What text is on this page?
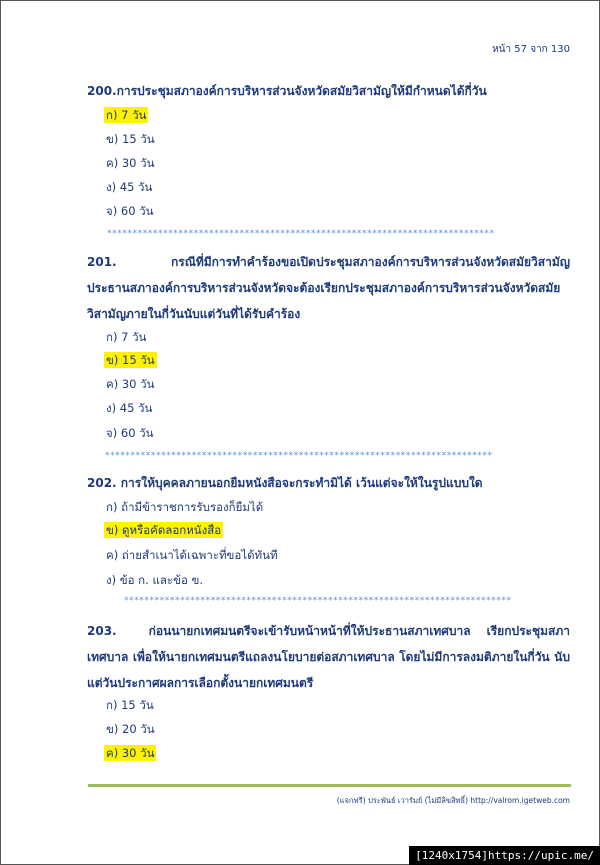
หน้า 57 จาก 130
200.การประชุมสภาองค์การบริหารส่วนจังหวัดสมัยวิสามัญให้มีกำหนดได้กี่วัน
ก) 7 วัน
ข) 15 วัน
ค) 30 วัน
ง) 45 วัน
จ) 60 วัน
****************************************************************************
201.   กรณีที่มีการทำคำร้องขอเปิดประชุมสภาองค์การบริหารส่วนจังหวัดสมัยวิสามัญ ประธานสภาองค์การบริหารส่วนจังหวัดจะต้องเรียกประชุมสภาองค์การบริหารส่วนจังหวัดสมัยวิสามัญภายในกี่วันนับแต่วันที่ได้รับคำร้อง
ก) 7 วัน
ข) 15 วัน
ค) 30 วัน
ง) 45 วัน
จ) 60 วัน
****************************************************************************
202. การให้บุคคลภายนอกยืมหนังสือจะกระทำมิได้ เว้นแต่จะให้ในรูปแบบใด
ก) ถ้ามีข้าราชการรับรองก็ยืมได้
ข) ดูหรือคัดลอกหนังสือ
ค) ถ่ายสำเนาได้เฉพาะที่ขอได้ทันที
ง) ข้อ ก. และข้อ ข.
****************************************************************************
203.  ก่อนนายกเทศมนตรีจะเข้ารับหน้าหน้าที่ให้ประธานสภาเทศบาล เรียกประชุมสภาเทศบาล เพื่อให้นายกเทศมนตรีแถลงนโยบายต่อสภาเทศบาล โดยไม่มีการลงมติภายในกี่วัน นับแต่วันประกาศผลการเลือกตั้งนายกเทศมนตรี
ก) 15 วัน
ข) 20 วัน
ค) 30 วัน
(แจกฟรี) ประพันธ์ เวารัมย์ (ไม่มีลิขสิทธิ์) http://valrom.igetweb.com
[1240x1754]https://upic.me/
